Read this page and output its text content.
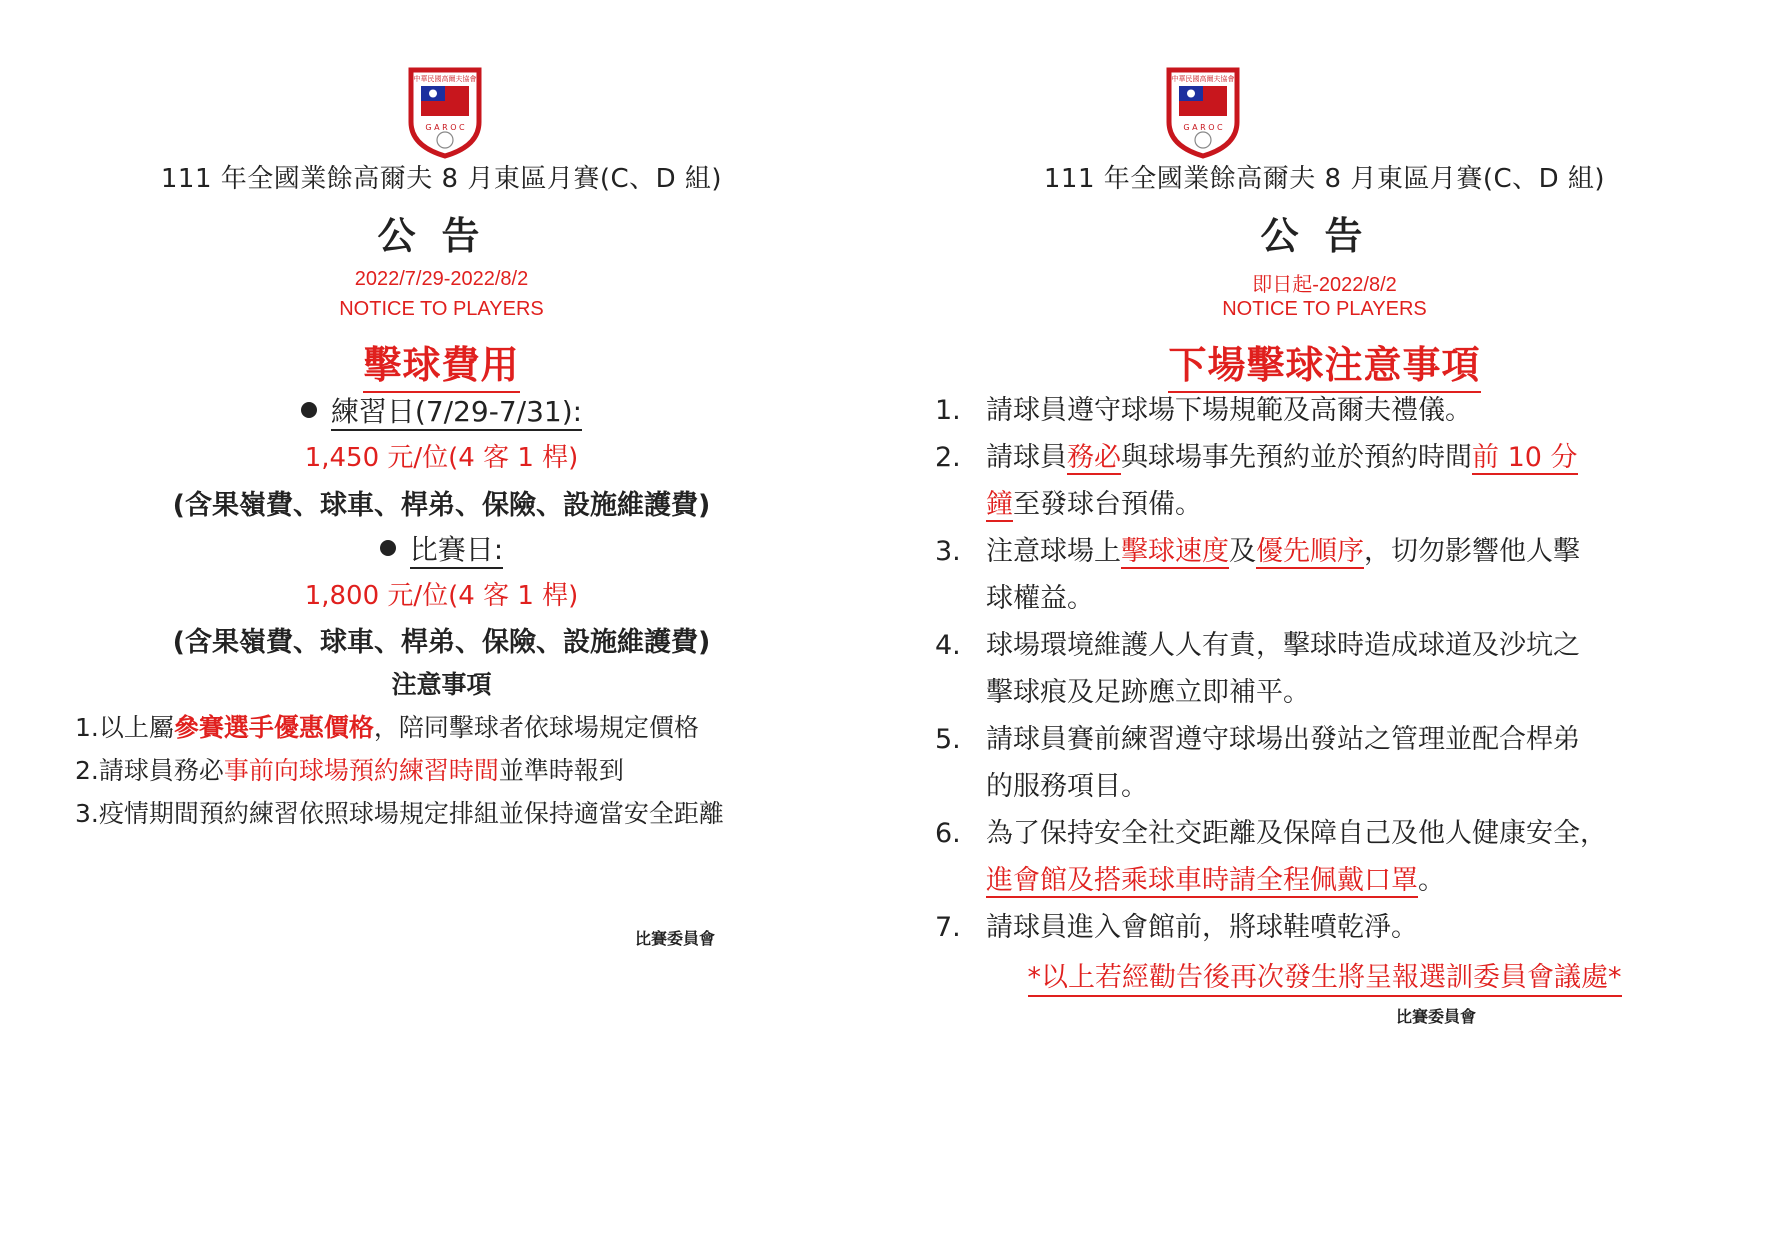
中華民國高爾夫協會
G A R O C
111 年全國業餘高爾夫 8 月東區月賽(C、D 組)
公告
2022/7/29-2022/8/2
NOTICE TO PLAYERS
擊球費用
練習日(7/29-7/31):
1,450 元/位(4 客 1 桿)
(含果嶺費、球車、桿弟、保險、設施維護費)
比賽日:
1,800 元/位(4 客 1 桿)
(含果嶺費、球車、桿弟、保險、設施維護費)
注意事項
1.以上屬參賽選手優惠價格，陪同擊球者依球場規定價格
2.請球員務必事前向球場預約練習時間並準時報到
3.疫情期間預約練習依照球場規定排組並保持適當安全距離
比賽委員會
中華民國高爾夫協會
G A R O C
111 年全國業餘高爾夫 8 月東區月賽(C、D 組)
公告
即日起-2022/8/2
NOTICE TO PLAYERS
下場擊球注意事項
1. 請球員遵守球場下場規範及高爾夫禮儀。
2. 請球員務必與球場事先預約並於預約時間前 10 分
鐘至發球台預備。
3. 注意球場上擊球速度及優先順序，切勿影響他人擊
球權益。
4. 球場環境維護人人有責，擊球時造成球道及沙坑之
擊球痕及足跡應立即補平。
5. 請球員賽前練習遵守球場出發站之管理並配合桿弟
的服務項目。
6. 為了保持安全社交距離及保障自己及他人健康安全，
進會館及搭乘球車時請全程佩戴口罩。
7. 請球員進入會館前，將球鞋噴乾淨。
*以上若經勸告後再次發生將呈報選訓委員會議處*
比賽委員會
